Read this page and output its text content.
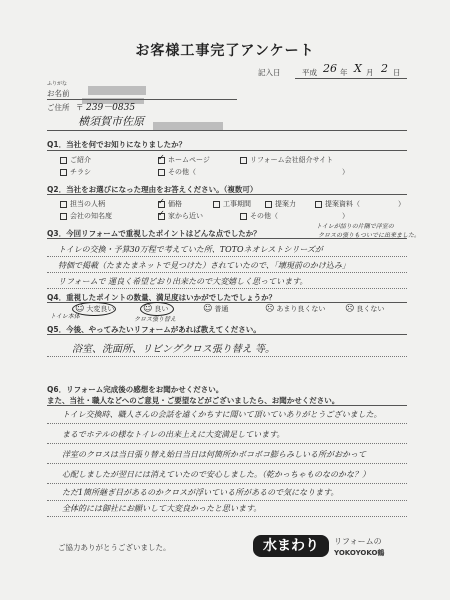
お客様工事完了アンケート
記入日	平成 26 年 X 月 2 日
ふりがな
お名前
ご住所 〒 239－0835
横須賀市佐原
Q1．当社を何でお知りになりましたか？
ご紹介 ✓	ホームページ	リフォーム会社紹介サイト
チラシ	その他（	）
Q2．当社をお選びになった理由をお答えください。（複数可）
担当の人柄 ✓	価格	工事期間	提案力	提案資料（	）
会社の知名度 ✓	家から近い	その他（	）
Q3．今回リフォームで重視したポイントはどんな点でしたか？
トイレが詰りの片隅で洋室の
クロスの張りもついでに出来ました。
トイレの交換・予算30万程で考えていた所、TOTOネオレストシリーズが
特価で掲載（たまたまネットで見つけた）されていたので、「壊現前のかけ込み」
リフォームで 運良く希望どおり出来たので大変嬉しく思っています。
Q4．重視したポイントの数量、満足度はいかがでしたでしょうか？
☺ 大変良い	☺ 良い	☺ 普通	☹ あまり良くない ☹ 良くない
トイレ本体	クロス張り替え
Q5．今後、やってみたいリフォームがあれば教えてください。
浴室、洗面所、リビングクロス張り替え 等。
Q6．リフォーム完成後の感想をお聞かせください。
また、当社・職人などへのご意見・ご要望などがございましたら、お聞かせください。
トイレ交換時、職人さんの会話を遠くかちすに聞いて頂いていありがとうございました。
まるでホテルの様なトイレの出来上えに大変満足しています。
洋室のクロスは当日張り替え始日当日は何箇所かボコボコ膨らみしいる所がおかって
心配しましたが翌日には消えていたので安心しました。（乾かっちゃものなのかな？）
ただ1箇所継ぎ目があるのかクロスが浮いている所があるので気になります。
全体的には御社にお願いして大変良かったと思います。
ご協力ありがとうございました。	水まわり	リフォームの
YOKOYOKO鶴
